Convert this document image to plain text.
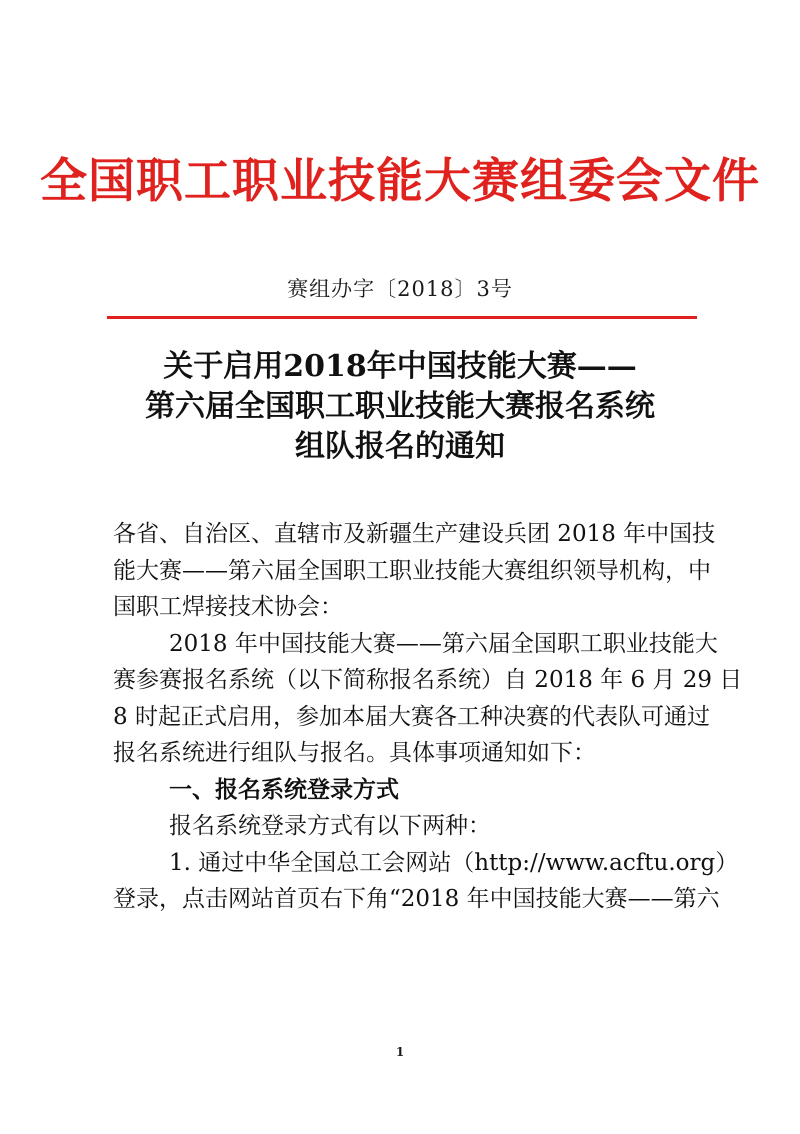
全国职工职业技能大赛组委会文件
赛组办字〔2018〕3号
关于启用2018年中国技能大赛——
第六届全国职工职业技能大赛报名系统
组队报名的通知
各省、自治区、直辖市及新疆生产建设兵团 2018 年中国技
能大赛——第六届全国职工职业技能大赛组织领导机构，中
国职工焊接技术协会：
2018 年中国技能大赛——第六届全国职工职业技能大
赛参赛报名系统（以下简称报名系统）自 2018 年 6 月 29 日
8 时起正式启用，参加本届大赛各工种决赛的代表队可通过
报名系统进行组队与报名。具体事项通知如下：
一、报名系统登录方式
报名系统登录方式有以下两种：
1. 通过中华全国总工会网站（http://www.acftu.org）
登录，点击网站首页右下角“2018 年中国技能大赛——第六
1
